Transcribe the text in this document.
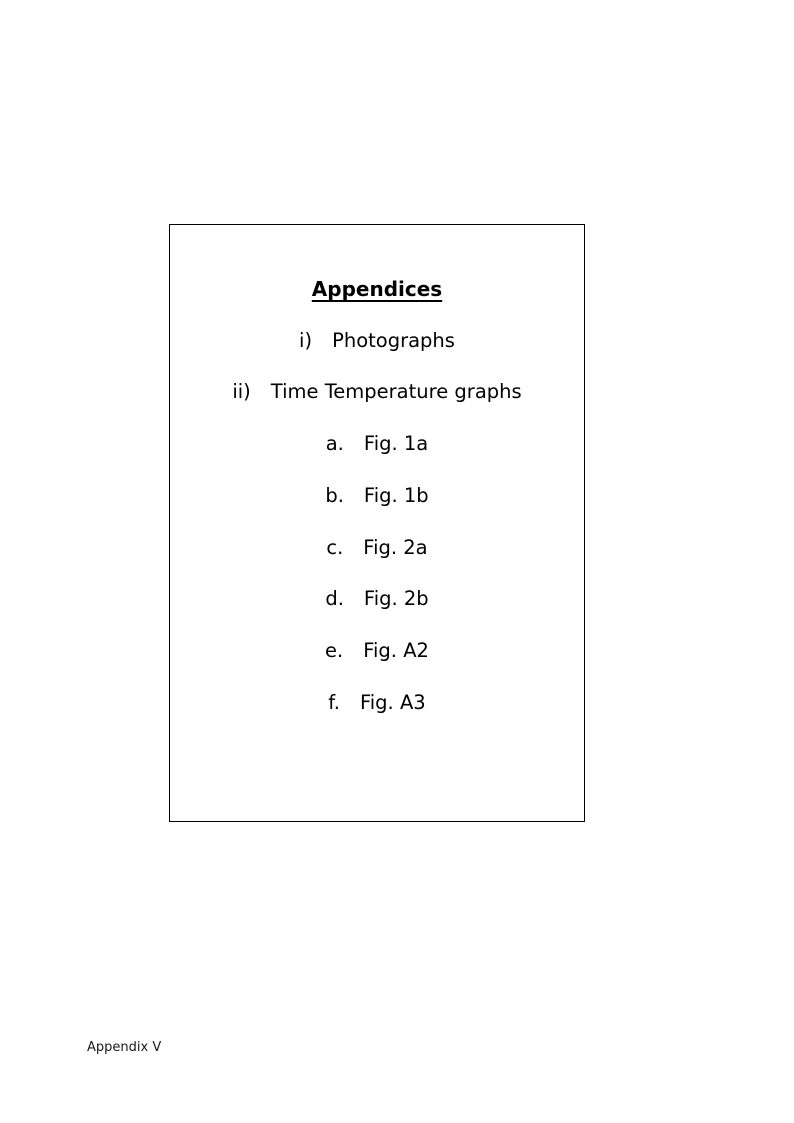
Appendices
i) Photographs
ii) Time Temperature graphs
a. Fig. 1a
b. Fig. 1b
c. Fig. 2a
d. Fig. 2b
e. Fig. A2
f. Fig. A3
Appendix V
